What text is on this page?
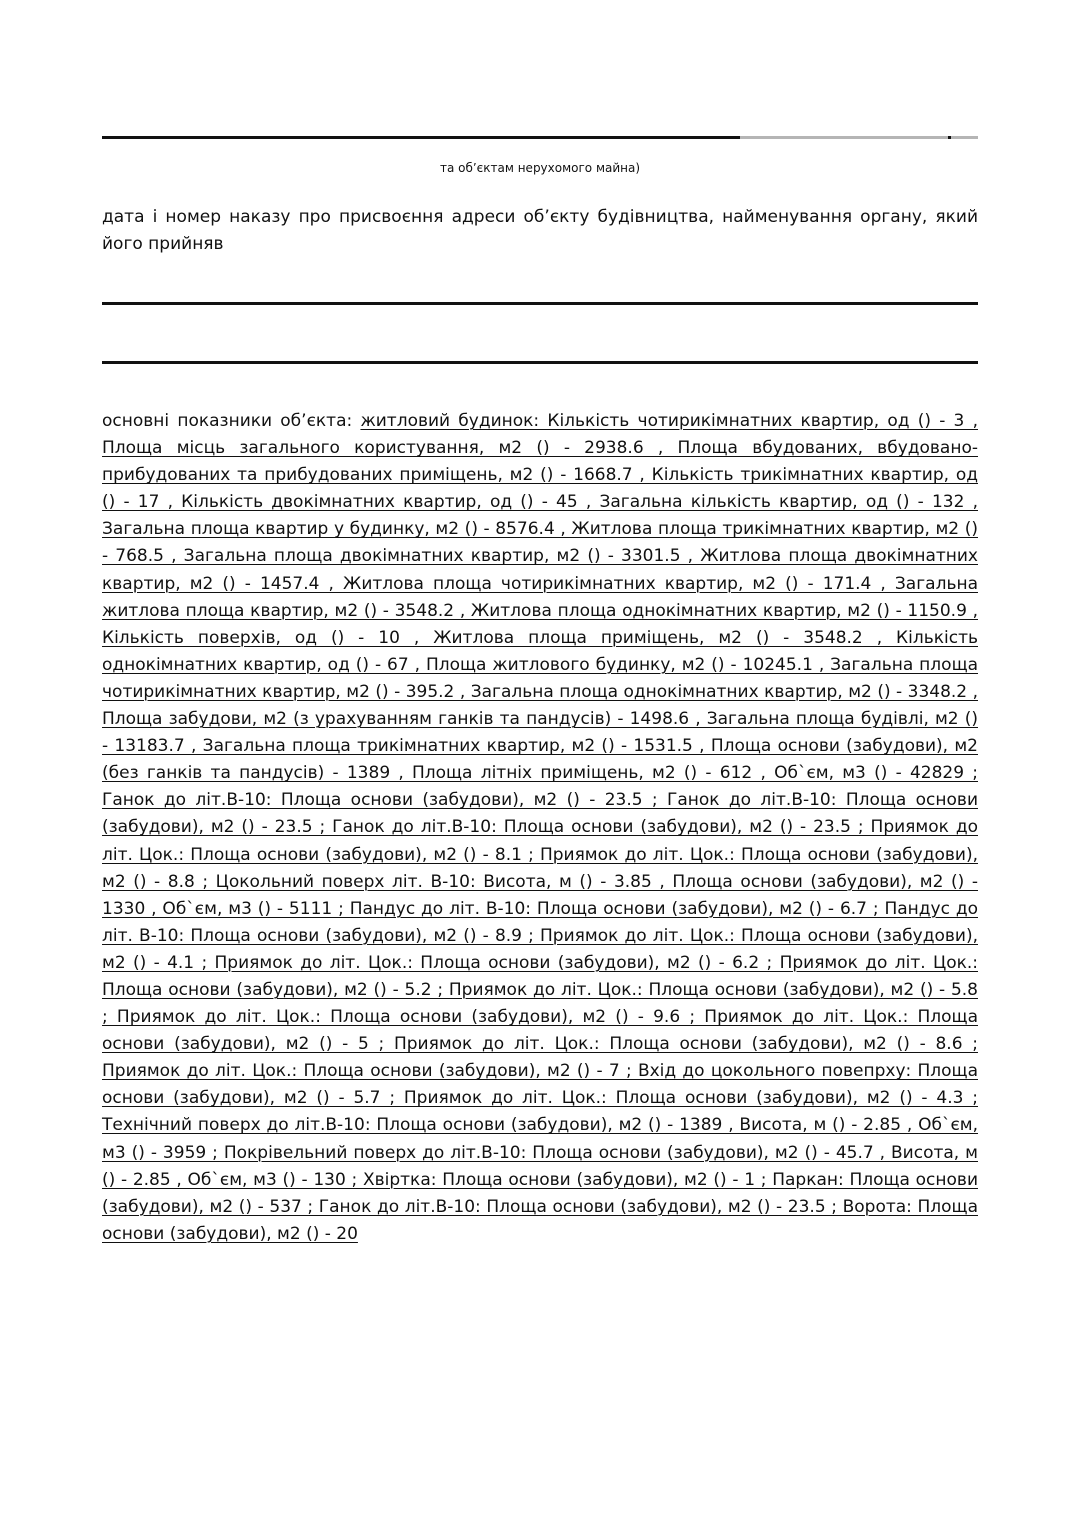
та об’єктам нерухомого майна)
дата і номер наказу про присвоєння адреси об’єкту будівництва, найменування органу, який його прийняв
основні показники об’єкта: житловий будинок: Кількість чотирикімнатних квартир, од () - 3 , Площа місць загального користування, м2 () - 2938.6 , Площа вбудованих, вбудовано-прибудованих та прибудованих приміщень, м2 () - 1668.7 , Кількість трикімнатних квартир, од () - 17 , Кількість двокімнатних квартир, од () - 45 , Загальна кількість квартир, од () - 132 , Загальна площа квартир у будинку, м2 () - 8576.4 , Житлова площа трикімнатних квартир, м2 () - 768.5 , Загальна площа двокімнатних квартир, м2 () - 3301.5 , Житлова площа двокімнатних квартир, м2 () - 1457.4 , Житлова площа чотирикімнатних квартир, м2 () - 171.4 , Загальна житлова площа квартир, м2 () - 3548.2 , Житлова площа однокімнатних квартир, м2 () - 1150.9 , Кількість поверхів, од () - 10 , Житлова площа приміщень, м2 () - 3548.2 , Кількість однокімнатних квартир, од () - 67 , Площа житлового будинку, м2 () - 10245.1 , Загальна площа чотирикімнатних квартир, м2 () - 395.2 , Загальна площа однокімнатних квартир, м2 () - 3348.2 , Площа забудови, м2 (з урахуванням ганків та пандусів) - 1498.6 , Загальна площа будівлі, м2 () - 13183.7 , Загальна площа трикімнатних квартир, м2 () - 1531.5 , Площа основи (забудови), м2 (без ганків та пандусів) - 1389 , Площа літніх приміщень, м2 () - 612 , Об`єм, м3 () - 42829 ; Ганок до літ.В-10: Площа основи (забудови), м2 () - 23.5 ; Ганок до літ.В-10: Площа основи (забудови), м2 () - 23.5 ; Ганок до літ.В-10: Площа основи (забудови), м2 () - 23.5 ; Приямок до літ. Цок.: Площа основи (забудови), м2 () - 8.1 ; Приямок до літ. Цок.: Площа основи (забудови), м2 () - 8.8 ; Цокольний поверх літ. В-10: Висота, м () - 3.85 , Площа основи (забудови), м2 () - 1330 , Об`єм, м3 () - 5111 ; Пандус до літ. В-10: Площа основи (забудови), м2 () - 6.7 ; Пандус до літ. В-10: Площа основи (забудови), м2 () - 8.9 ; Приямок до літ. Цок.: Площа основи (забудови), м2 () - 4.1 ; Приямок до літ. Цок.: Площа основи (забудови), м2 () - 6.2 ; Приямок до літ. Цок.: Площа основи (забудови), м2 () - 5.2 ; Приямок до літ. Цок.: Площа основи (забудови), м2 () - 5.8 ; Приямок до літ. Цок.: Площа основи (забудови), м2 () - 9.6 ; Приямок до літ. Цок.: Площа основи (забудови), м2 () - 5 ; Приямок до літ. Цок.: Площа основи (забудови), м2 () - 8.6 ; Приямок до літ. Цок.: Площа основи (забудови), м2 () - 7 ; Вхід до цокольного повепрху: Площа основи (забудови), м2 () - 5.7 ; Приямок до літ. Цок.: Площа основи (забудови), м2 () - 4.3 ; Технічний поверх до літ.В-10: Площа основи (забудови), м2 () - 1389 , Висота, м () - 2.85 , Об`єм, м3 () - 3959 ; Покрівельний поверх до літ.В-10: Площа основи (забудови), м2 () - 45.7 , Висота, м () - 2.85 , Об`єм, м3 () - 130 ; Хвіртка: Площа основи (забудови), м2 () - 1 ; Паркан: Площа основи (забудови), м2 () - 537 ; Ганок до літ.В-10: Площа основи (забудови), м2 () - 23.5 ; Ворота: Площа основи (забудови), м2 () - 20
